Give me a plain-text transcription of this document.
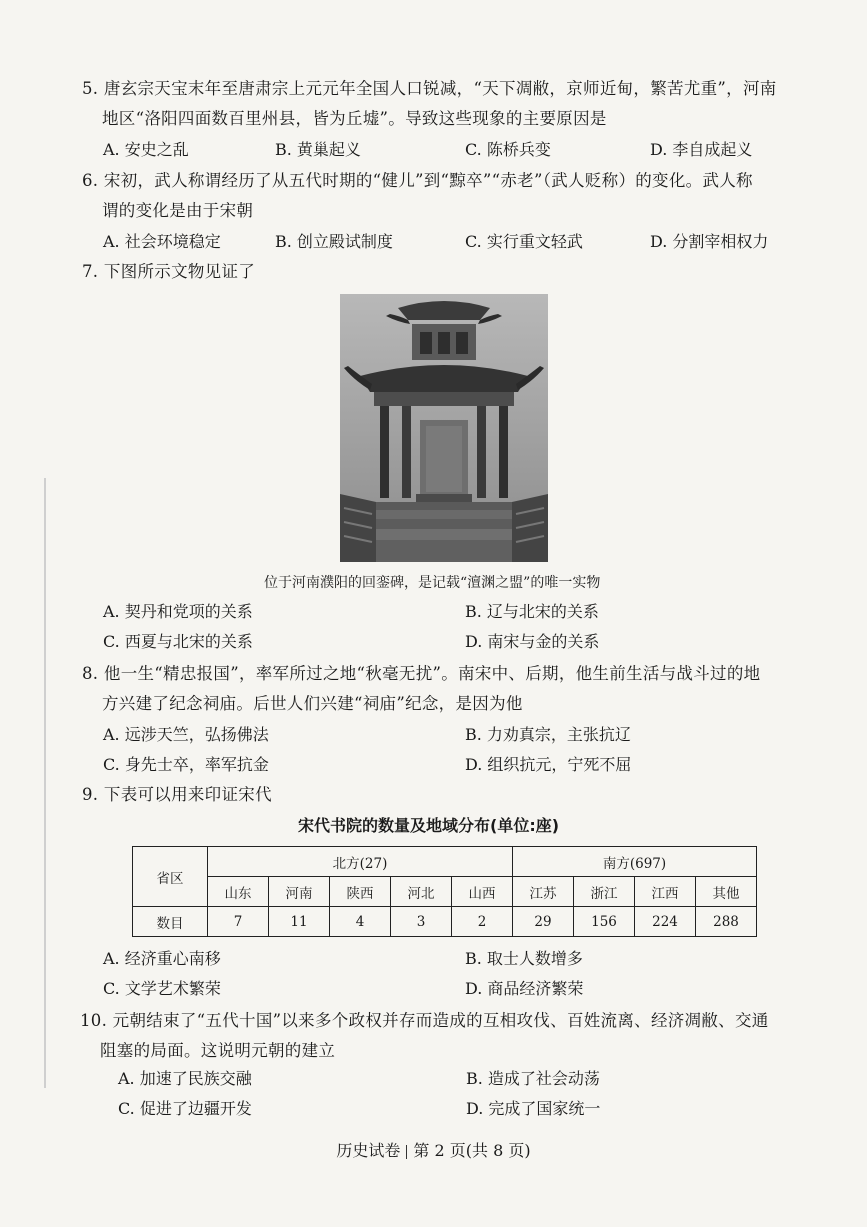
5. 唐玄宗天宝末年至唐肃宗上元元年全国人口锐减，“天下凋敝，京师近甸，繁苦尤重”，河南
地区“洛阳四面数百里州县，皆为丘墟”。导致这些现象的主要原因是
A. 安史之乱	B. 黄巢起义	C. 陈桥兵变	D. 李自成起义
6. 宋初，武人称谓经历了从五代时期的“健儿”到“黥卒”“赤老”（武人贬称）的变化。武人称
谓的变化是由于宋朝
A. 社会环境稳定	B. 创立殿试制度	C. 实行重文轻武	D. 分割宰相权力
7. 下图所示文物见证了
位于河南濮阳的回銮碑，是记载“澶渊之盟”的唯一实物
A. 契丹和党项的关系	B. 辽与北宋的关系
C. 西夏与北宋的关系	D. 南宋与金的关系
8. 他一生“精忠报国”，率军所过之地“秋毫无扰”。南宋中、后期，他生前生活与战斗过的地
方兴建了纪念祠庙。后世人们兴建“祠庙”纪念，是因为他
A. 远涉天竺，弘扬佛法	B. 力劝真宗，主张抗辽
C. 身先士卒，率军抗金	D. 组织抗元，宁死不屈
9. 下表可以用来印证宋代
宋代书院的数量及地域分布(单位:座)
省区	北方(27)					南方(697)			
	山东	河南	陕西	河北	山西	江苏	浙江	江西	其他
数目	7	11	4	3	2	29	156	224	288
A. 经济重心南移	B. 取士人数增多
C. 文学艺术繁荣	D. 商品经济繁荣
10. 元朝结束了“五代十国”以来多个政权并存而造成的互相攻伐、百姓流离、经济凋敝、交通
阻塞的局面。这说明元朝的建立
A. 加速了民族交融	B. 造成了社会动荡
C. 促进了边疆开发	D. 完成了国家统一
历史试卷 第 2 页(共 8 页)
